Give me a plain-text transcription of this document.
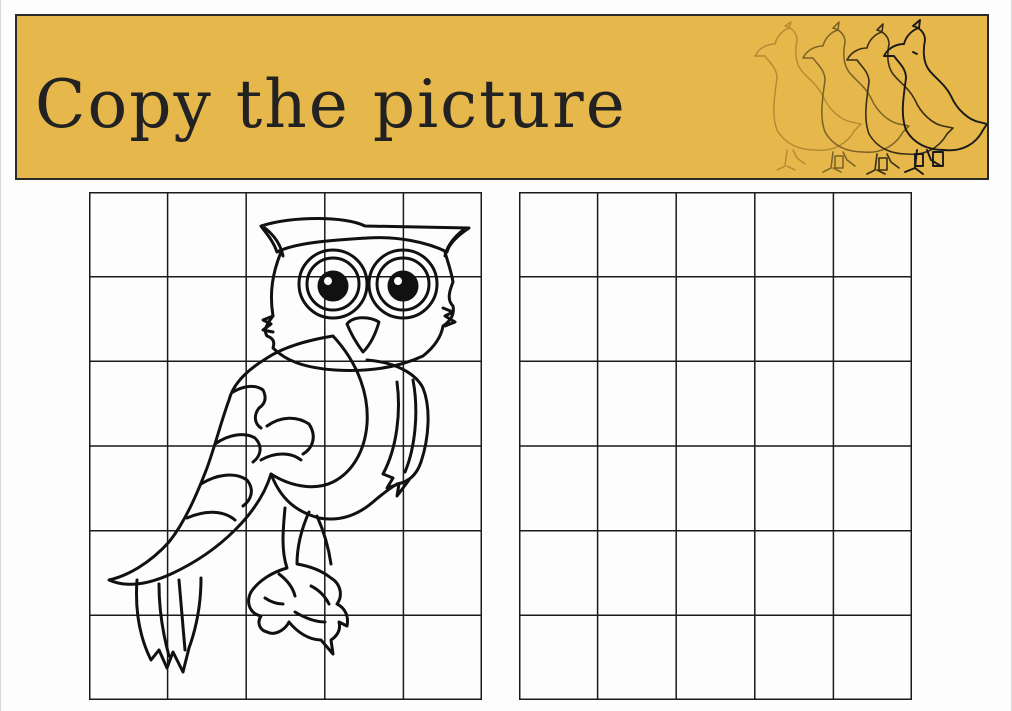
Copy the picture
